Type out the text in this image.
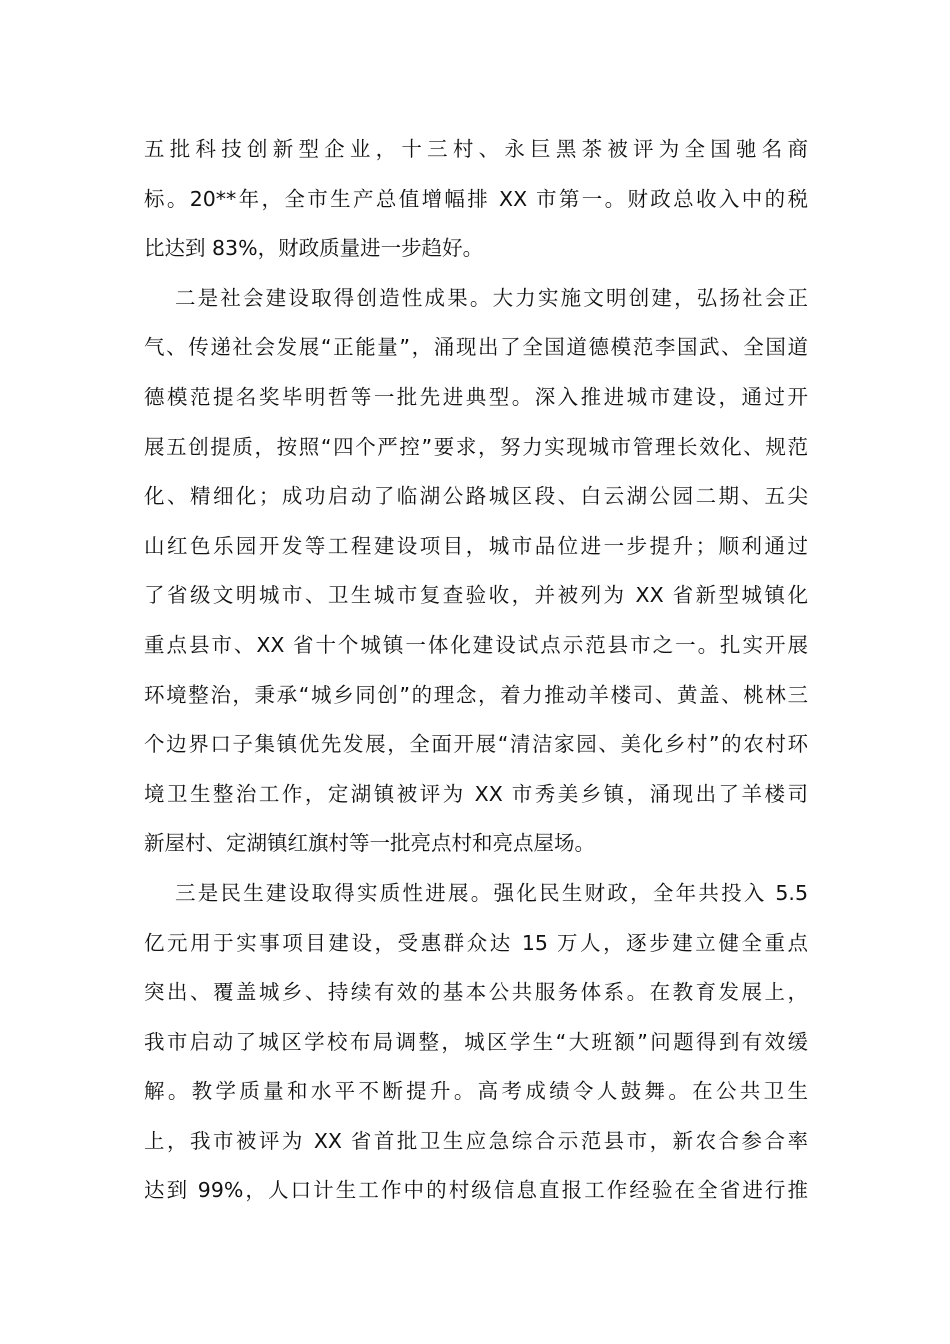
五批科技创新型企业，十三村、永巨黑茶被评为全国驰名商
标。20**年，全市生产总值增幅排 XX 市第一。财政总收入中的税
比达到 83%，财政质量进一步趋好。
二是社会建设取得创造性成果。大力实施文明创建，弘扬社会正
气、传递社会发展“正能量”，涌现出了全国道德模范李国武、全国道
德模范提名奖毕明哲等一批先进典型。深入推进城市建设，通过开
展五创提质，按照“四个严控”要求，努力实现城市管理长效化、规范
化、精细化；成功启动了临湖公路城区段、白云湖公园二期、五尖
山红色乐园开发等工程建设项目，城市品位进一步提升；顺利通过
了省级文明城市、卫生城市复查验收，并被列为 XX 省新型城镇化
重点县市、XX 省十个城镇一体化建设试点示范县市之一。扎实开展
环境整治，秉承“城乡同创”的理念，着力推动羊楼司、黄盖、桃林三
个边界口子集镇优先发展，全面开展“清洁家园、美化乡村”的农村环
境卫生整治工作，定湖镇被评为 XX 市秀美乡镇，涌现出了羊楼司
新屋村、定湖镇红旗村等一批亮点村和亮点屋场。
三是民生建设取得实质性进展。强化民生财政，全年共投入 5.5
亿元用于实事项目建设，受惠群众达 15 万人，逐步建立健全重点
突出、覆盖城乡、持续有效的基本公共服务体系。在教育发展上，
我市启动了城区学校布局调整，城区学生“大班额”问题得到有效缓
解。教学质量和水平不断提升。高考成绩令人鼓舞。在公共卫生
上，我市被评为 XX 省首批卫生应急综合示范县市，新农合参合率
达到 99%，人口计生工作中的村级信息直报工作经验在全省进行推
